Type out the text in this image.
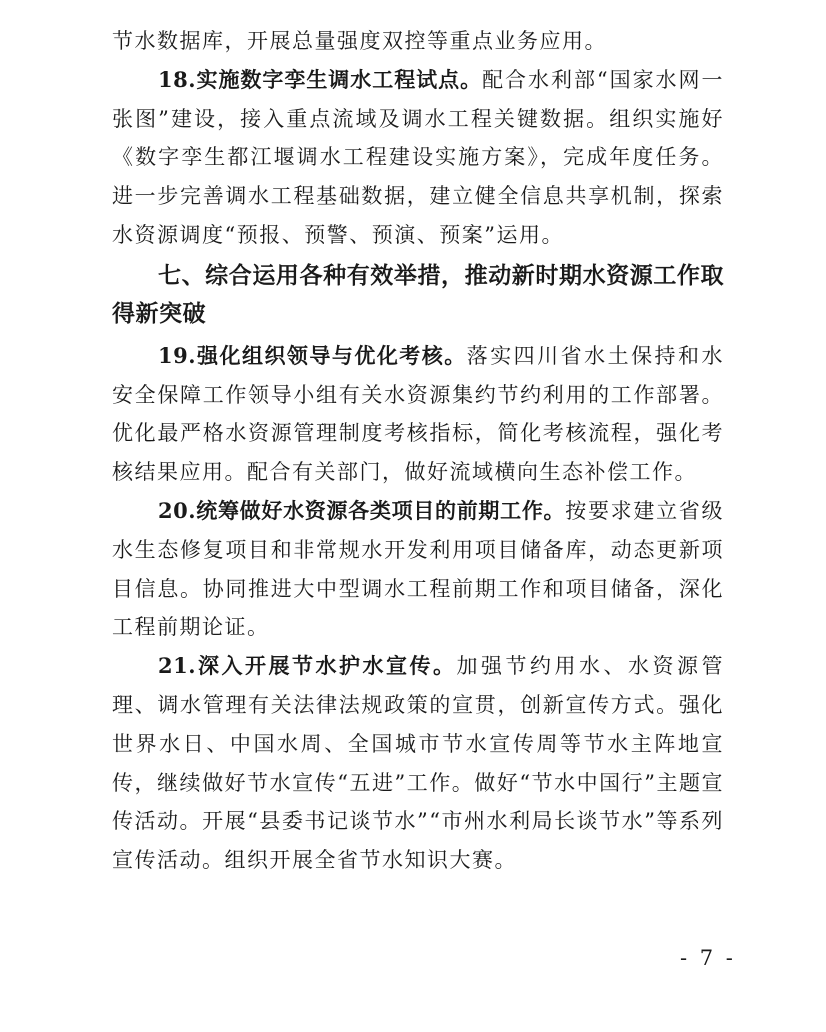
节水数据库，开展总量强度双控等重点业务应用。

18.实施数字孪生调水工程试点。配合水利部“国家水网一张图”建设，接入重点流域及调水工程关键数据。组织实施好《数字孪生都江堰调水工程建设实施方案》，完成年度任务。进一步完善调水工程基础数据，建立健全信息共享机制，探索水资源调度“预报、预警、预演、预案”运用。

七、综合运用各种有效举措，推动新时期水资源工作取得新突破

19.强化组织领导与优化考核。落实四川省水土保持和水安全保障工作领导小组有关水资源集约节约利用的工作部署。优化最严格水资源管理制度考核指标，简化考核流程，强化考核结果应用。配合有关部门，做好流域横向生态补偿工作。

20.统筹做好水资源各类项目的前期工作。按要求建立省级水生态修复项目和非常规水开发利用项目储备库，动态更新项目信息。协同推进大中型调水工程前期工作和项目储备，深化工程前期论证。

21.深入开展节水护水宣传。加强节约用水、水资源管理、调水管理有关法律法规政策的宣贯，创新宣传方式。强化世界水日、中国水周、全国城市节水宣传周等节水主阵地宣传，继续做好节水宣传“五进”工作。做好“节水中国行”主题宣传活动。开展“县委书记谈节水”“市州水利局长谈节水”等系列宣传活动。组织开展全省节水知识大赛。

- 7 -
